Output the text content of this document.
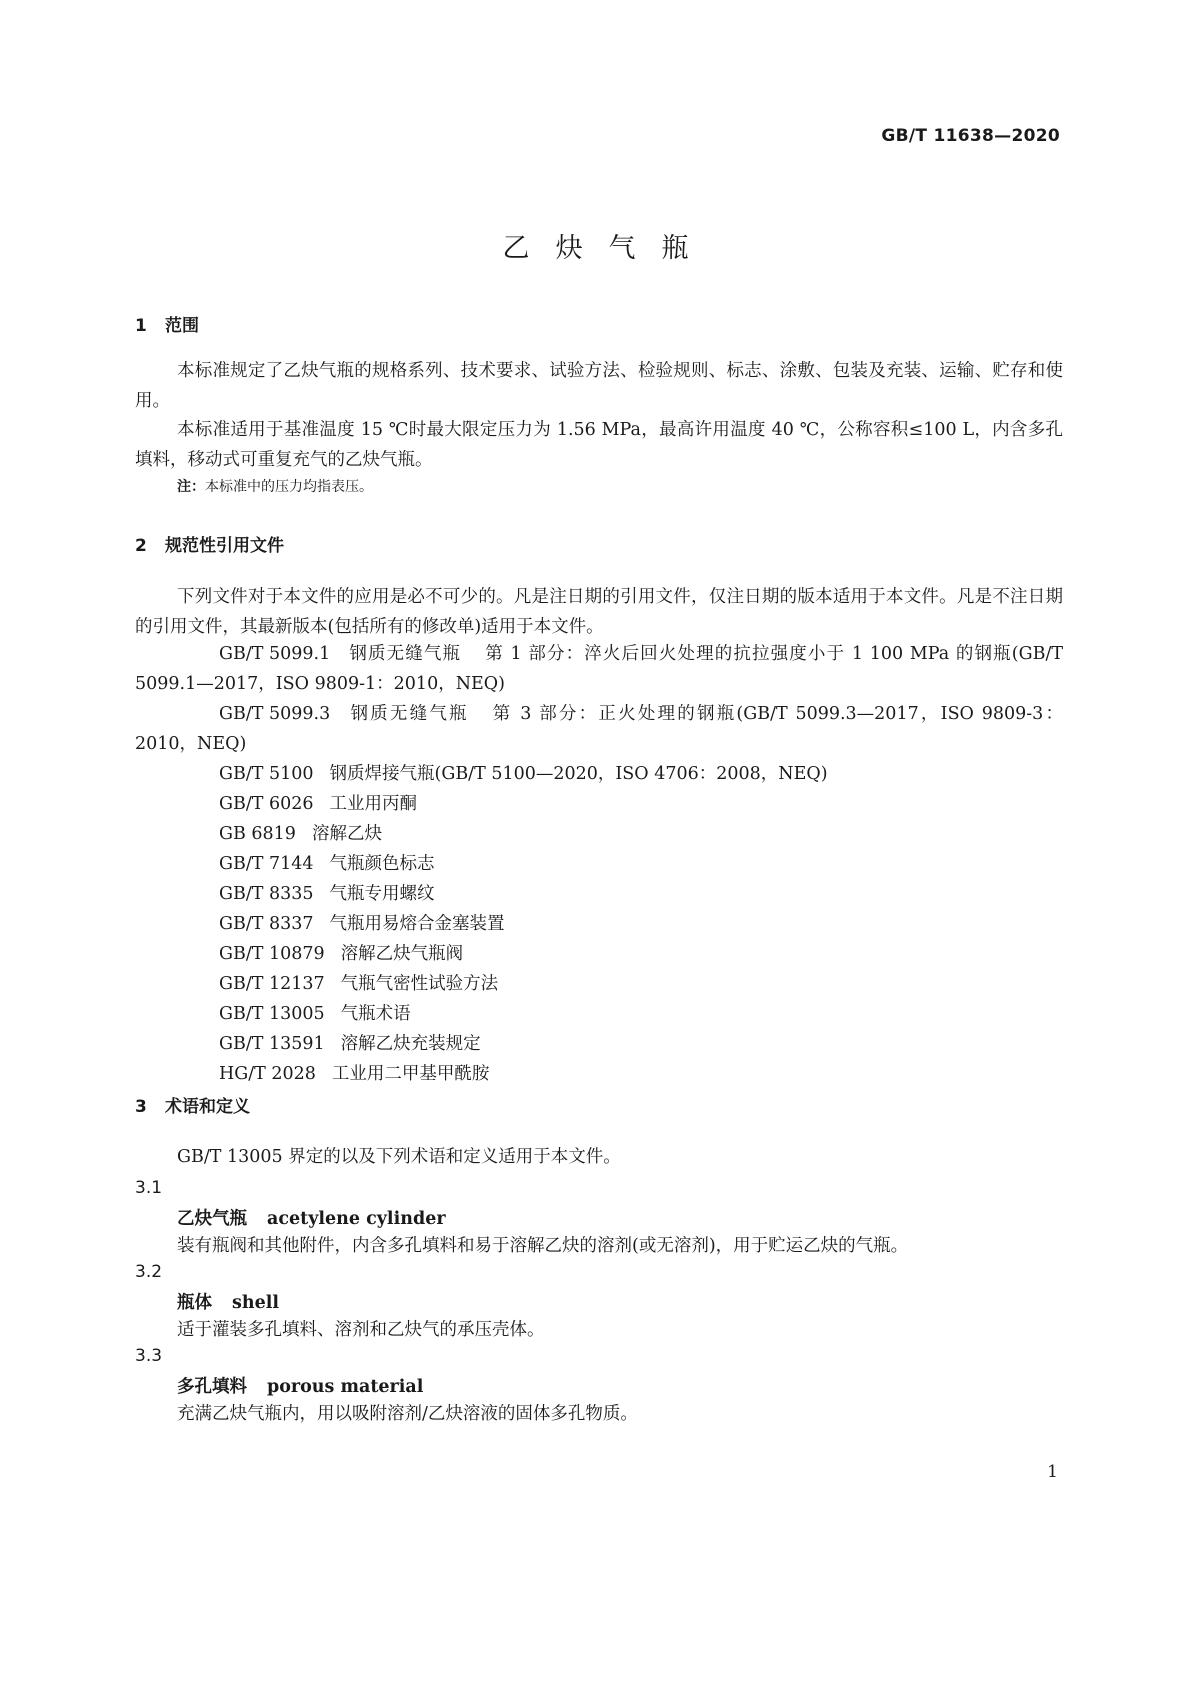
GB/T 11638—2020
乙炔气瓶
1 范围

本标准规定了乙炔气瓶的规格系列、技术要求、试验方法、检验规则、标志、涂敷、包装及充装、运输、贮存和使用。

本标准适用于基准温度 15 ℃时最大限定压力为 1.56 MPa，最高许用温度 40 ℃，公称容积≤100 L，内含多孔填料，移动式可重复充气的乙炔气瓶。

注：本标准中的压力均指表压。
2 规范性引用文件

下列文件对于本文件的应用是必不可少的。凡是注日期的引用文件，仅注日期的版本适用于本文件。凡是不注日期的引用文件，其最新版本(包括所有的修改单)适用于本文件。

GB/T 5099.1 钢质无缝气瓶 第 1 部分：淬火后回火处理的抗拉强度小于 1 100 MPa 的钢瓶(GB/T 5099.1—2017，ISO 9809-1：2010，NEQ)
GB/T 5099.3 钢质无缝气瓶 第 3 部分：正火处理的钢瓶(GB/T 5099.3—2017，ISO 9809-3：2010，NEQ)
GB/T 5100 钢质焊接气瓶(GB/T 5100—2020，ISO 4706：2008，NEQ)
GB/T 6026 工业用丙酮
GB 6819 溶解乙炔
GB/T 7144 气瓶颜色标志
GB/T 8335 气瓶专用螺纹
GB/T 8337 气瓶用易熔合金塞装置
GB/T 10879 溶解乙炔气瓶阀
GB/T 12137 气瓶气密性试验方法
GB/T 13005 气瓶术语
GB/T 13591 溶解乙炔充装规定
HG/T 2028 工业用二甲基甲酰胺
3 术语和定义

GB/T 13005 界定的以及下列术语和定义适用于本文件。

3.1
乙炔气瓶 acetylene cylinder
装有瓶阀和其他附件，内含多孔填料和易于溶解乙炔的溶剂(或无溶剂)，用于贮运乙炔的气瓶。
3.2
瓶体 shell
适于灌装多孔填料、溶剂和乙炔气的承压壳体。
3.3
多孔填料 porous material
充满乙炔气瓶内，用以吸附溶剂/乙炔溶液的固体多孔物质。
1
